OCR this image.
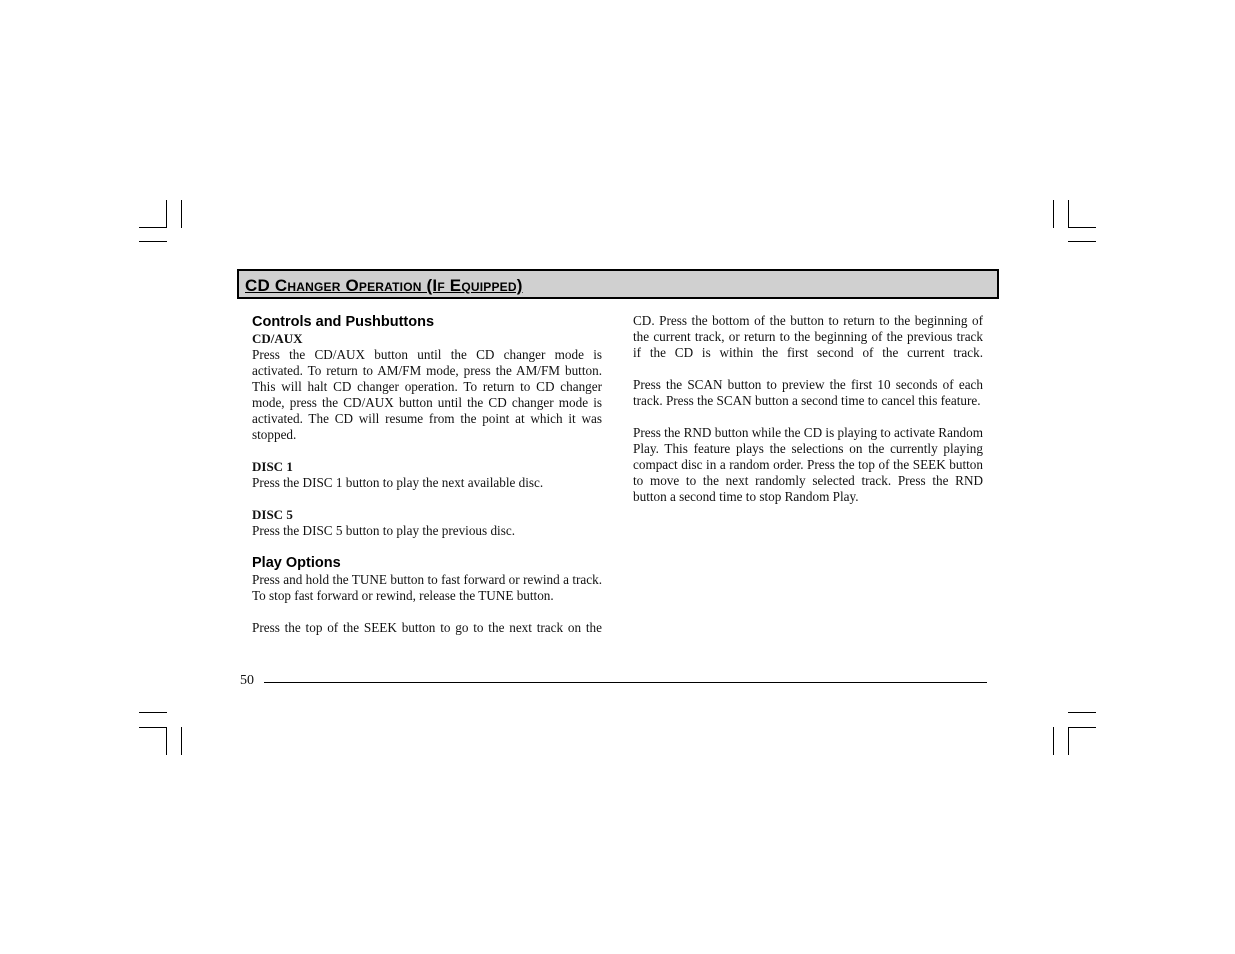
CD Changer Operation (If Equipped)
Controls and Pushbuttons
CD/AUX

Press the CD/AUX button until the CD changer mode is activated. To return to AM/FM mode, press the AM/FM button. This will halt CD changer operation. To return to CD changer mode, press the CD/AUX button until the CD changer mode is activated. The CD will resume from the point at which it was stopped.

DISC 1

Press the DISC 1 button to play the next available disc.

DISC 5

Press the DISC 5 button to play the previous disc.

Play Options

Press and hold the TUNE button to fast forward or rewind a track. To stop fast forward or rewind, release the TUNE button.

Press the top of the SEEK button to go to the next track on the

CD. Press the bottom of the button to return to the beginning of the current track, or return to the beginning of the previous track if the CD is within the first second of the current track.

Press the SCAN button to preview the first 10 seconds of each track. Press the SCAN button a second time to cancel this feature.

Press the RND button while the CD is playing to activate Random Play. This feature plays the selections on the currently playing compact disc in a random order. Press the top of the SEEK button to move to the next randomly selected track. Press the RND button a second time to stop Random Play.

50
